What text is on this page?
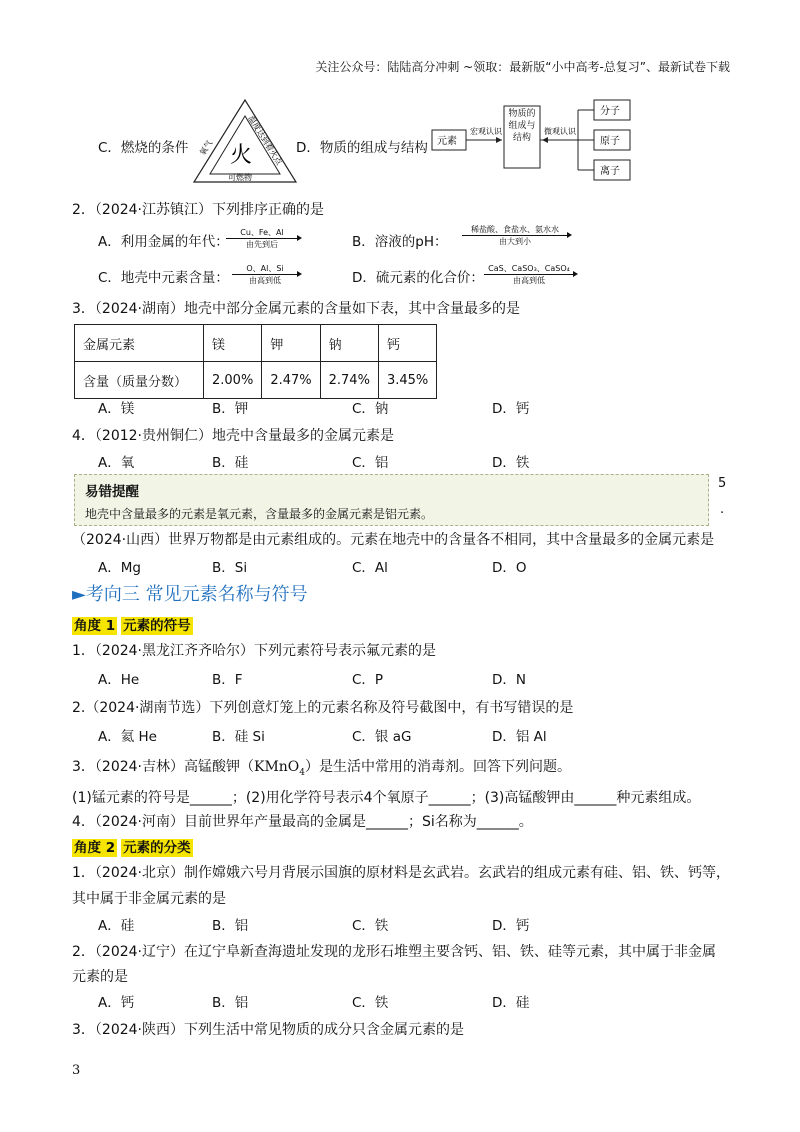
关注公众号：陆陆高分冲刺 ~领取：最新版“小中高考-总复习”、最新试卷下载
C．燃烧的条件 火
氧气	温度达到着火点
可燃物
D．物质的组成与结构 元素
宏观认识
物质的组成与结构
微观认识
分子
原子
离子
2．（2024·江苏镇江）下列排序正确的是
A．利用金属的年代：
Cu、Fe、Al
由先到后	B．溶液的pH：
稀盐酸、食盐水、氨水水
由大到小
C．地壳中元素含量：
O、Al、Si
由高到低	D．硫元素的化合价：
CaS、CaSO₃、CaSO₄
由高到低
3．（2024·湖南）地壳中部分金属元素的含量如下表，其中含量最多的是
金属元素	镁	钾	钠	钙
含量（质量分数）	2.00%	2.47%	2.74%	3.45%
A．镁	B．钾	C．钠	D．钙
4．（2012·贵州铜仁）地壳中含量最多的金属元素是
A．氧	B．硅	C．铝	D．铁
易错提醒
地壳中含量最多的元素是氧元素，含量最多的金属元素是铝元素。
5
.
（2024·山西）世界万物都是由元素组成的。元素在地壳中的含量各不相同，其中含量最多的金属元素是
A．Mg	B．Si	C．Al	D．O
►考向三 常见元素名称与符号
角度 1 元素的符号
1．（2024·黑龙江齐齐哈尔）下列元素符号表示氟元素的是
A．He	B．F	C．P	D．N
2.（2024·湖南节选）下列创意灯笼上的元素名称及符号截图中，有书写错误的是
A．氦 He	B．硅 Si	C．银 aG	D．铝 Al
3．（2024·吉林）高锰酸钾（KMnO$_4$）是生活中常用的消毒剂。回答下列问题。
(1)锰元素的符号是______；(2)用化学符号表示4个氧原子______；(3)高锰酸钾由______种元素组成。
4．（2024·河南）目前世界年产量最高的金属是______；Si名称为______。
角度 2 元素的分类
1．（2024·北京）制作嫦娥六号月背展示国旗的原材料是玄武岩。玄武岩的组成元素有硅、铝、铁、钙等，
其中属于非金属元素的是
A．硅	B．铝	C．铁	D．钙
2．（2024·辽宁）在辽宁阜新查海遗址发现的龙形石堆塑主要含钙、铝、铁、硅等元素，其中属于非金属
元素的是
A．钙	B．铝	C．铁	D．硅
3．（2024·陕西）下列生活中常见物质的成分只含金属元素的是
3
